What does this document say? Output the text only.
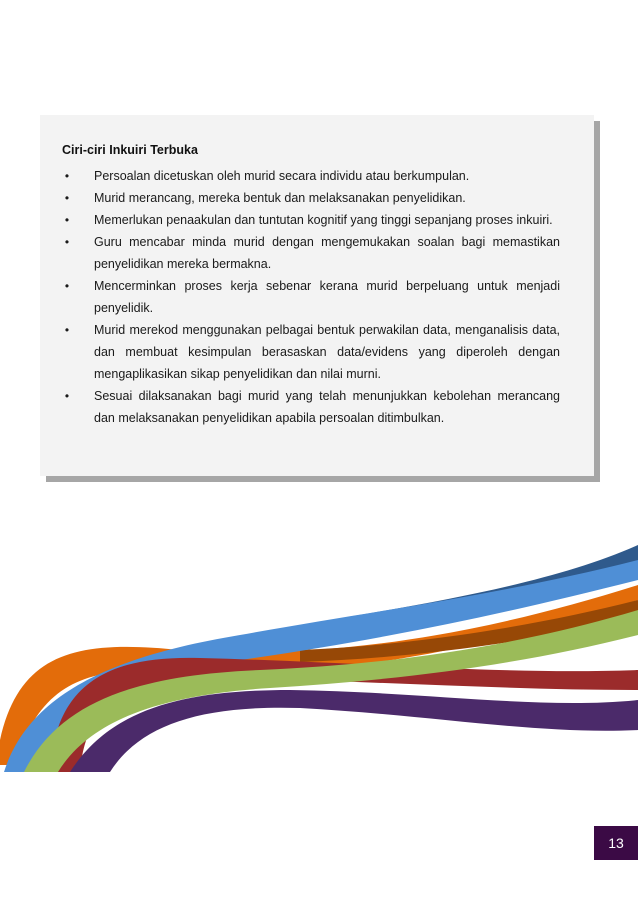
Ciri-ciri Inkuiri Terbuka
• Persoalan dicetuskan oleh murid secara individu atau berkumpulan.
• Murid merancang, mereka bentuk dan melaksanakan penyelidikan.
• Memerlukan penaakulan dan tuntutan kognitif yang tinggi sepanjang proses inkuiri.
• Guru mencabar minda murid dengan mengemukakan soalan bagi memastikan penyelidikan mereka bermakna.
• Mencerminkan proses kerja sebenar kerana murid berpeluang untuk menjadi penyelidik.
• Murid merekod menggunakan pelbagai bentuk perwakilan data, menganalisis data, dan membuat kesimpulan berasaskan data/evidens yang diperoleh dengan mengaplikasikan sikap penyelidikan dan nilai murni.
• Sesuai dilaksanakan bagi murid yang telah menunjukkan kebolehan merancang dan melaksanakan penyelidikan apabila persoalan ditimbulkan.
13
